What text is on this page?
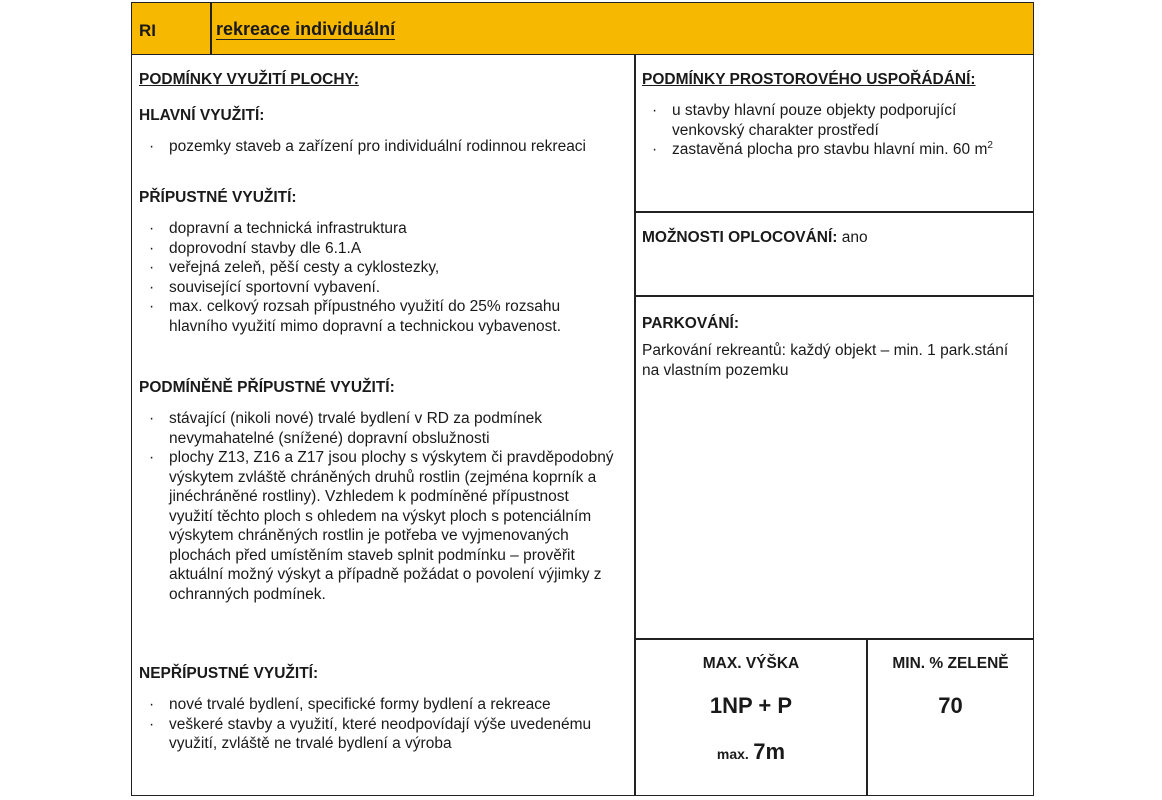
RI	rekreace individuální
PODMÍNKY VYUŽITÍ PLOCHY:
HLAVNÍ VYUŽITÍ:
· pozemky staveb a zařízení pro individuální rodinnou rekreaci
PŘÍPUSTNÉ VYUŽITÍ:
· dopravní a technická infrastruktura
· doprovodní stavby dle 6.1.A
· veřejná zeleň, pěší cesty a cyklostezky,
· související sportovní vybavení.
· max. celkový rozsah přípustného využití do 25% rozsahu hlavního využití mimo dopravní a technickou vybavenost.
PODMÍNĚNĚ PŘÍPUSTNÉ VYUŽITÍ:
· stávající (nikoli nové) trvalé bydlení v RD za podmínek nevymahatelné (snížené) dopravní obslužnosti
· plochy Z13, Z16 a Z17 jsou plochy s výskytem či pravděpodobný výskytem zvláště chráněných druhů rostlin (zejména koprník a jinéchráněné rostliny). Vzhledem k podmíněné přípustnost využití těchto ploch s ohledem na výskyt ploch s potenciálním výskytem chráněných rostlin je potřeba ve vyjmenovaných plochách před umístěním staveb splnit podmínku – prověřit aktuální možný výskyt a případně požádat o povolení výjimky z ochranných podmínek.
NEPŘÍPUSTNÉ VYUŽITÍ:
· nové trvalé bydlení, specifické formy bydlení a rekreace
· veškeré stavby a využití, které neodpovídají výše uvedenému využití, zvláště ne trvalé bydlení a výroba
PODMÍNKY PROSTOROVÉHO USPOŘÁDÁNÍ:
· u stavby hlavní pouze objekty podporující venkovský charakter prostředí
· zastavěná plocha pro stavbu hlavní min. 60 $m^2$
MOŽNOSTI OPLOCOVÁNÍ: ano
PARKOVÁNÍ:
Parkování rekreantů: každý objekt – min. 1 park.stání na vlastním pozemku
MAX. VÝŠKA
1NP + P
max. 7m
MIN. % ZELENĚ
70
